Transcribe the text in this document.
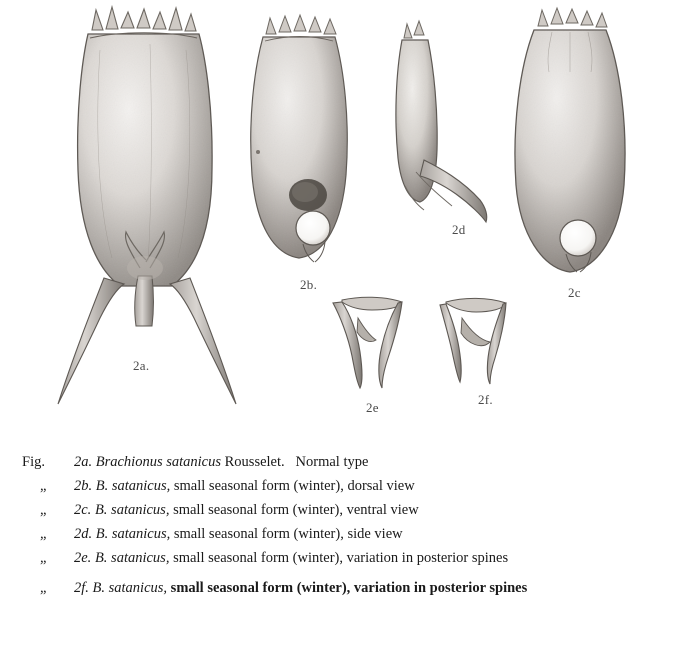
2a.
2b.
2c
2d
2e
2f.
Fig. 2a. Brachionus satanicus Rousselet. Normal type
„ 2b. B. satanicus, small seasonal form (winter), dorsal view
„ 2c. B. satanicus, small seasonal form (winter), ventral view
„ 2d. B. satanicus, small seasonal form (winter), side view
„ 2e. B. satanicus, small seasonal form (winter), variation in posterior spines
„ 2f. B. satanicus, small seasonal form (winter), variation in posterior spines
